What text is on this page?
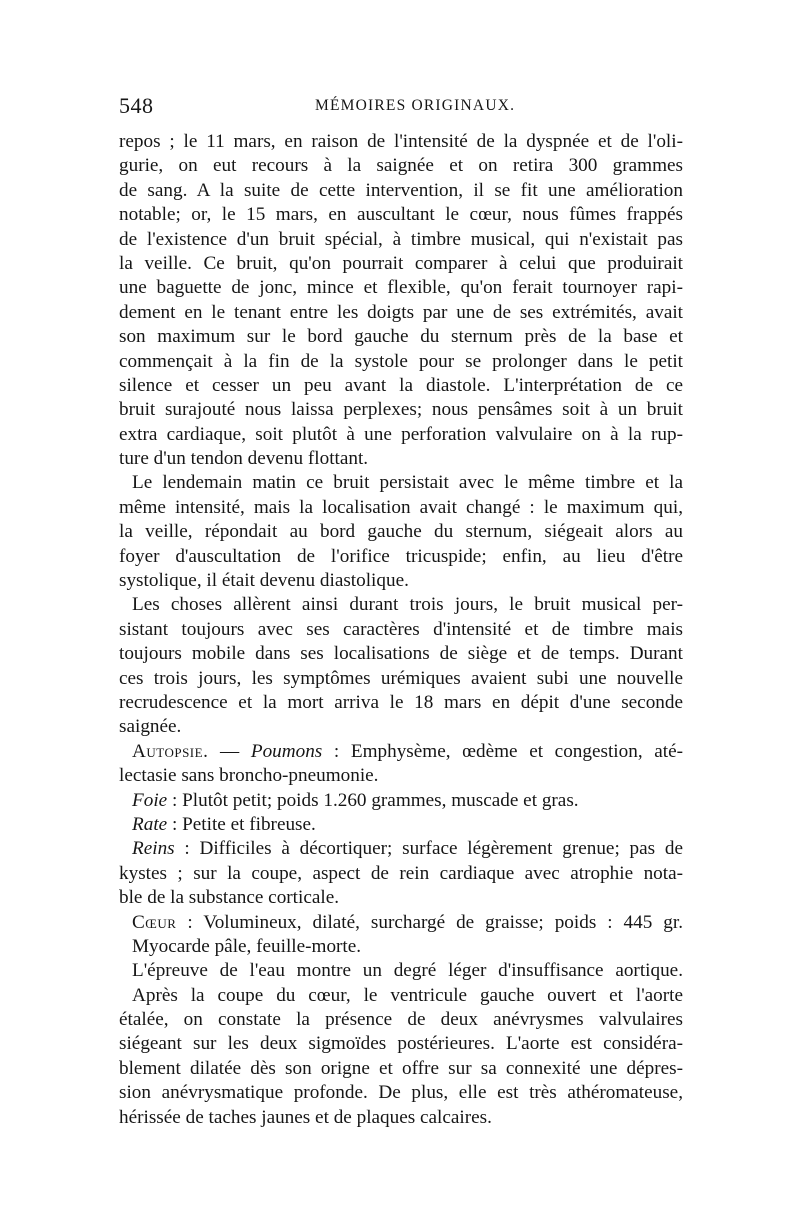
548	MÉMOIRES ORIGINAUX.
repos ; le 11 mars, en raison de l'intensité de la dyspnée et de l'oli-
gurie, on eut recours à la saignée et on retira 300 grammes
de sang. A la suite de cette intervention, il se fit une amélioration
notable; or, le 15 mars, en auscultant le cœur, nous fûmes frappés
de l'existence d'un bruit spécial, à timbre musical, qui n'existait pas
la veille. Ce bruit, qu'on pourrait comparer à celui que produirait
une baguette de jonc, mince et flexible, qu'on ferait tournoyer rapi-
dement en le tenant entre les doigts par une de ses extrémités, avait
son maximum sur le bord gauche du sternum près de la base et
commençait à la fin de la systole pour se prolonger dans le petit
silence et cesser un peu avant la diastole. L'interprétation de ce
bruit surajouté nous laissa perplexes; nous pensâmes soit à un bruit
extra cardiaque, soit plutôt à une perforation valvulaire on à la rup-
ture d'un tendon devenu flottant.
Le lendemain matin ce bruit persistait avec le même timbre et la
même intensité, mais la localisation avait changé : le maximum qui,
la veille, répondait au bord gauche du sternum, siégeait alors au
foyer d'auscultation de l'orifice tricuspide; enfin, au lieu d'être
systolique, il était devenu diastolique.
Les choses allèrent ainsi durant trois jours, le bruit musical per-
sistant toujours avec ses caractères d'intensité et de timbre mais
toujours mobile dans ses localisations de siège et de temps. Durant
ces trois jours, les symptômes urémiques avaient subi une nouvelle
recrudescence et la mort arriva le 18 mars en dépit d'une seconde
saignée.
Autopsie. — Poumons : Emphysème, œdème et congestion, até-
lectasie sans broncho-pneumonie.
Foie : Plutôt petit; poids 1.260 grammes, muscade et gras.
Rate : Petite et fibreuse.
Reins : Difficiles à décortiquer; surface légèrement grenue; pas de
kystes ; sur la coupe, aspect de rein cardiaque avec atrophie nota-
ble de la substance corticale.
Cœur : Volumineux, dilaté, surchargé de graisse; poids : 445 gr.
Myocarde pâle, feuille-morte.
L'épreuve de l'eau montre un degré léger d'insuffisance aortique.
Après la coupe du cœur, le ventricule gauche ouvert et l'aorte
étalée, on constate la présence de deux anévrysmes valvulaires
siégeant sur les deux sigmoïdes postérieures. L'aorte est considéra-
blement dilatée dès son origne et offre sur sa connexité une dépres-
sion anévrysmatique profonde. De plus, elle est très athéromateuse,
hérissée de taches jaunes et de plaques calcaires.
